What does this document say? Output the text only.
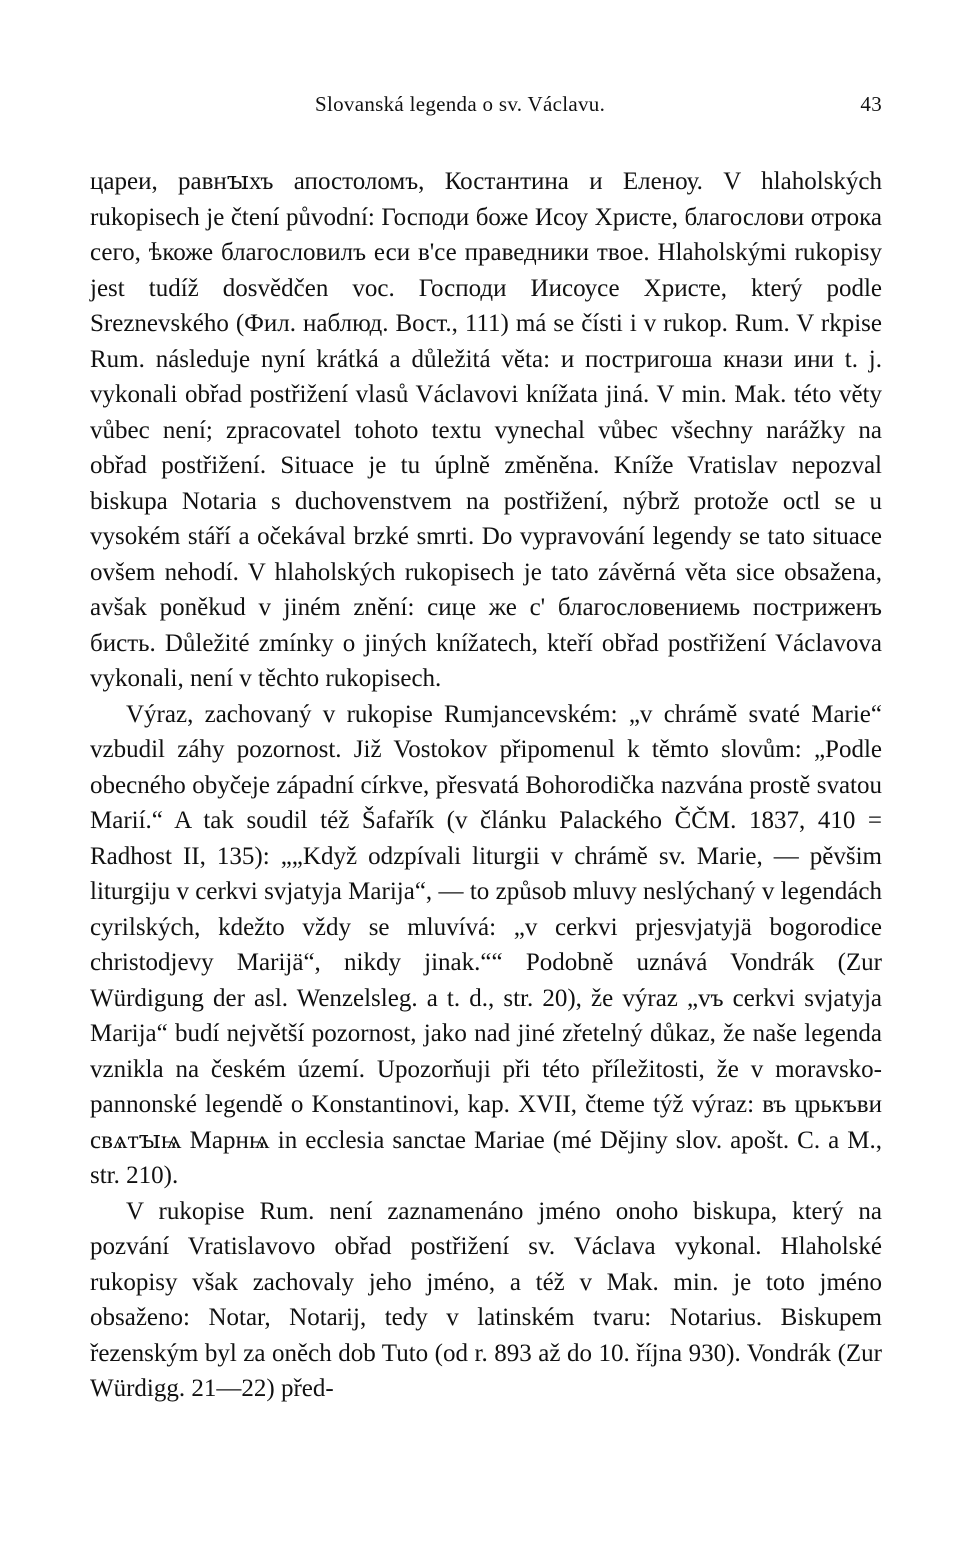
Slovanská legenda o sv. Václavu.	43

цареи, равнꙑхъ апостоломъ, Костантина и Еленоу. V hlaholských rukopisech je čtení původní: Господи боже Исоу Христе, благослови отрока сего, ѣкоже благословилъ еси в'се праведники твое. Hlaholskými rukopisy jest tudíž dosvědčen voc. Господи Иисоусе Христе, který podle Sreznevského (Фил. наблюд. Вост., 111) má se čísti i v rukop. Rum. V rkpise Rum. následuje nyní krátká a důležitá věta: и постригоша кнази ини t. j. vykonali obřad postřižení vlasů Václavovi knížata jiná. V min. Mak. této věty vůbec není; zpracovatel tohoto textu vynechal vůbec všechny narážky na obřad postřižení. Situace je tu úplně změněna. Kníže Vratislav nepozval biskupa Notaria s duchovenstvem na postřižení, nýbrž protože octl se u vysokém stáří a očekával brzké smrti. Do vypravování legendy se tato situace ovšem nehodí. V hlaholských rukopisech je tato závěrná věta sice obsažena, avšak poněkud v jiném znění: сице же с' благословениемь постриженъ бисть. Důležité zmínky o jiných knížatech, kteří obřad postřižení Václavova vykonali, není v těchto rukopisech.

Výraz, zachovaný v rukopise Rumjancevském: „v chrámě svaté Marie“ vzbudil záhy pozornost. Již Vostokov připomenul k těmto slovům: „Podle obecného obyčeje západní církve, přesvatá Bohorodička nazvána prostě svatou Marií.“ A tak soudil též Šafařík (v článku Palackého ČČM. 1837, 410 = Radhost II, 135): „„Když odzpívali liturgii v chrámě sv. Marie, — pěvšim liturgiju v cerkvi svjatyja Marija“, — to způsob mluvy neslýchaný v legendách cyrilských, kdežto vždy se mluvívá: „v cerkvi prjesvjatyjä bogorodice christodjevy Marijä“, nikdy jinak.““ Podobně uznává Vondrák (Zur Würdigung der asl. Wenzelsleg. a t. d., str. 20), že výraz „vъ cerkvi svjatyja Marija“ budí největší pozornost, jako nad jiné zřetelný důkaz, že naše legenda vznikla na českém území. Upozorňuji při této příležitosti, že v moravsko-pannonské legendě o Konstantinovi, kap. XVII, čteme týž výraz: въ црькъви свѧтꙑѩ Марнѩ in ecclesia sanctae Mariae (mé Dějiny slov. apošt. C. a M., str. 210).

V rukopise Rum. není zaznamenáno jméno onoho biskupa, který na pozvání Vratislavovo obřad postřižení sv. Václava vykonal. Hlaholské rukopisy však zachovaly jeho jméno, a též v Mak. min. je toto jméno obsaženo: Notar, Notarij, tedy v latinském tvaru: Notarius. Biskupem řezenským byl za oněch dob Tuto (od r. 893 až do 10. října 930). Vondrák (Zur Würdigg. 21—22) před-
